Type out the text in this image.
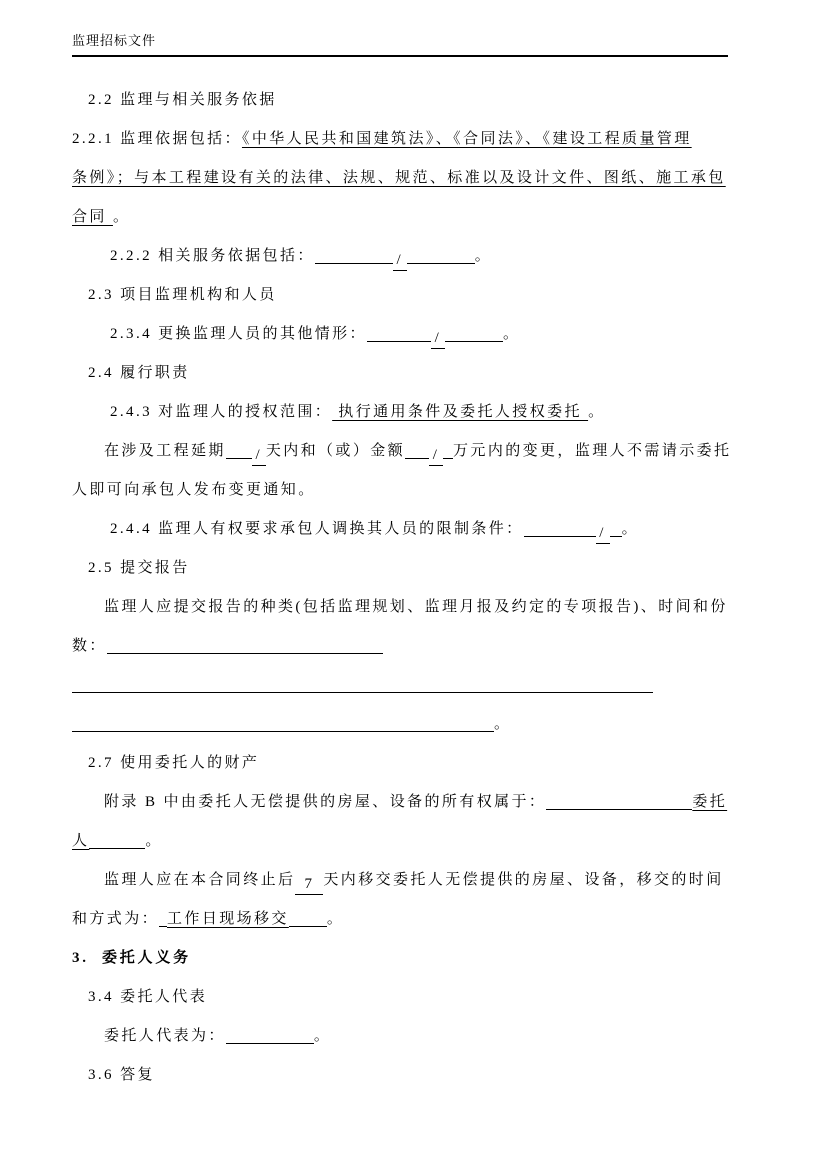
监理招标文件

2.2 监理与相关服务依据

2.2.1 监理依据包括：《中华人民共和国建筑法》、《合同法》、《建设工程质量管理

条例》；与本工程建设有关的法律、法规、规范、标准以及设计文件、图纸、施工承包

合同 。

2.2.2 相关服务依据包括：	/	。

2.3 项目监理机构和人员

2.3.4 更换监理人员的其他情形：	/	。

2.4 履行职责

2.4.3 对监理人的授权范围： 执行通用条件及委托人授权委托 。

在涉及工程延期 / 天内和（或）金额 / 万元内的变更，监理人不需请示委托

人即可向承包人发布变更通知。

2.4.4 监理人有权要求承包人调换其人员的限制条件：	/ 。

2.5 提交报告

监理人应提交报告的种类(包括监理规划、监理月报及约定的专项报告)、时间和份

数：

。

2.7 使用委托人的财产

附录 B 中由委托人无偿提供的房屋、设备的所有权属于：	委托

人	。

监理人应在本合同终止后 7 天内移交委托人无偿提供的房屋、设备，移交的时间

和方式为： 工作日现场移交	。

3.  委托人义务

3.4 委托人代表

委托人代表为：	。

3.6 答复
